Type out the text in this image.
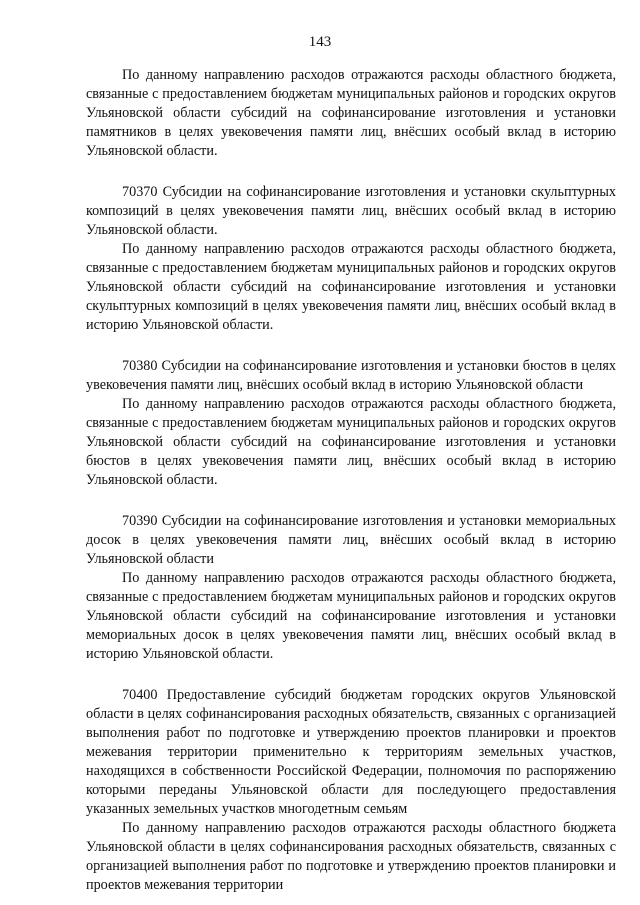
143

По данному направлению расходов отражаются расходы областного бюджета, связанные с предоставлением бюджетам муниципальных районов и городских округов Ульяновской области субсидий на софинансирование изготовления и установки памятников в целях увековечения памяти лиц, внёсших особый вклад в историю Ульяновской области.

70370 Субсидии на софинансирование изготовления и установки скульптурных композиций в целях увековечения памяти лиц, внёсших особый вклад в историю Ульяновской области.

По данному направлению расходов отражаются расходы областного бюджета, связанные с предоставлением бюджетам муниципальных районов и городских округов Ульяновской области субсидий на софинансирование изготовления и установки скульптурных композиций в целях увековечения памяти лиц, внёсших особый вклад в историю Ульяновской области.

70380 Субсидии на софинансирование изготовления и установки бюстов в целях увековечения памяти лиц, внёсших особый вклад в историю Ульяновской области

По данному направлению расходов отражаются расходы областного бюджета, связанные с предоставлением бюджетам муниципальных районов и городских округов Ульяновской области субсидий на софинансирование изготовления и установки бюстов в целях увековечения памяти лиц, внёсших особый вклад в историю Ульяновской области.

70390 Субсидии на софинансирование изготовления и установки мемориальных досок в целях увековечения памяти лиц, внёсших особый вклад в историю Ульяновской области

По данному направлению расходов отражаются расходы областного бюджета, связанные с предоставлением бюджетам муниципальных районов и городских округов Ульяновской области субсидий на софинансирование изготовления и установки мемориальных досок в целях увековечения памяти лиц, внёсших особый вклад в историю Ульяновской области.

70400 Предоставление субсидий бюджетам городских округов Ульяновской области в целях софинансирования расходных обязательств, связанных с организацией выполнения работ по подготовке и утверждению проектов планировки и проектов межевания территории применительно к территориям земельных участков, находящихся в собственности Российской Федерации, полномочия по распоряжению которыми переданы Ульяновской области для последующего предоставления указанных земельных участков многодетным семьям

По данному направлению расходов отражаются расходы областного бюджета Ульяновской области в целях софинансирования расходных обязательств, связанных с организацией выполнения работ по подготовке и утверждению проектов планировки и проектов межевания территории
